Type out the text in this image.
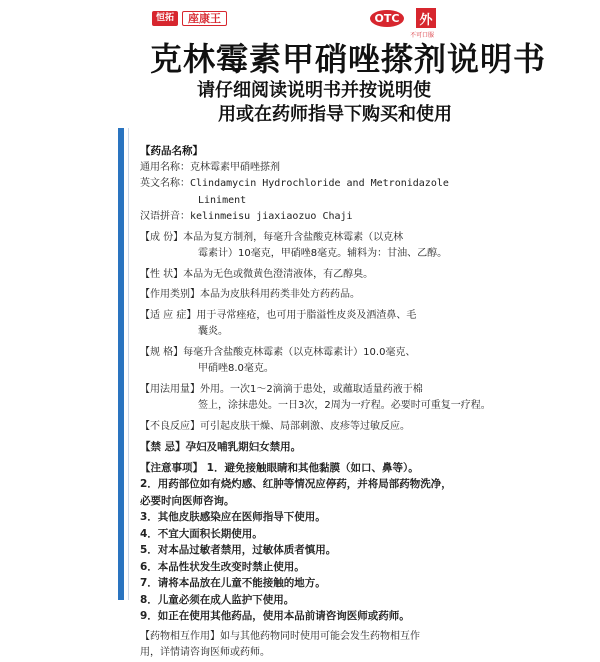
恒拓	座康王	OTC	外
不可口服
克林霉素甲硝唑搽剂说明书
请仔细阅读说明书并按说明使
用或在药师指导下购买和使用
【药品名称】
通用名称：克林霉素甲硝唑搽剂
英文名称：Clindamycin Hydrochloride and Metronidazole
Liniment
汉语拼音：kelinmeisu jiaxiaozuo Chaji
【成 份】本品为复方制剂，每毫升含盐酸克林霉素（以克林
霉素计）10毫克，甲硝唑8毫克。辅料为：甘油、乙醇。
【性 状】本品为无色或微黄色澄清液体，有乙醇臭。
【作用类别】本品为皮肤科用药类非处方药药品。
【适 应 症】用于寻常痤疮，也可用于脂溢性皮炎及酒渣鼻、毛
囊炎。
【规 格】每毫升含盐酸克林霉素（以克林霉素计）10.0毫克、
甲硝唑8.0毫克。
【用法用量】外用。一次1～2滴滴于患处，或蘸取适量药液于棉
签上，涂抹患处。一日3次，2周为一疗程。必要时可重复一疗程。
【不良反应】可引起皮肤干燥、局部刺激、皮疹等过敏反应。
【禁 忌】孕妇及哺乳期妇女禁用。
【注意事项】 1．避免接触眼睛和其他黏膜（如口、鼻等）。
2．用药部位如有烧灼感、红肿等情况应停药，并将局部药物洗净，
必要时向医师咨询。
3．其他皮肤感染应在医师指导下使用。
4．不宜大面积长期使用。
5．对本品过敏者禁用，过敏体质者慎用。
6．本品性状发生改变时禁止使用。
7．请将本品放在儿童不能接触的地方。
8．儿童必须在成人监护下使用。
9．如正在使用其他药品，使用本品前请咨询医师或药师。
【药物相互作用】如与其他药物同时使用可能会发生药物相互作
用，详情请咨询医师或药师。
